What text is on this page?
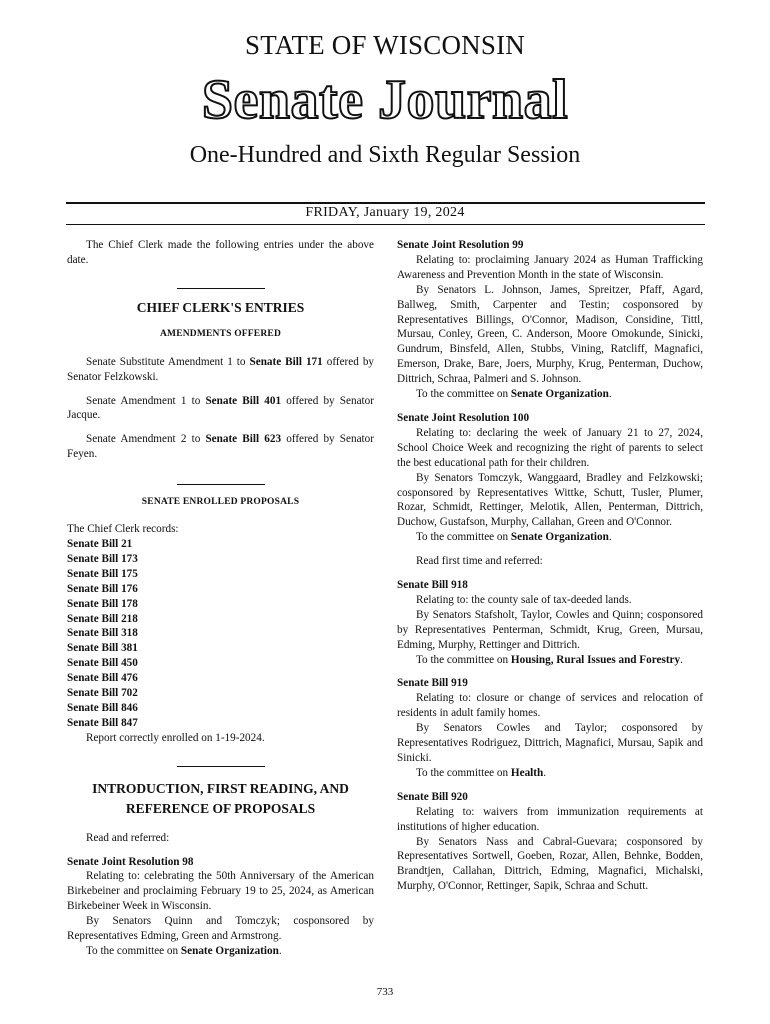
STATE OF WISCONSIN
Senate Journal
One-Hundred and Sixth Regular Session
FRIDAY, January 19, 2024

The Chief Clerk made the following entries under the above date.

CHIEF CLERK'S ENTRIES
AMENDMENTS OFFERED

Senate Substitute Amendment 1 to Senate Bill 171 offered by Senator Felzkowski.

Senate Amendment 1 to Senate Bill 401 offered by Senator Jacque.

Senate Amendment 2 to Senate Bill 623 offered by Senator Feyen.

SENATE ENROLLED PROPOSALS

The Chief Clerk records:

Senate Bill 21

Senate Bill 173

Senate Bill 175

Senate Bill 176

Senate Bill 178

Senate Bill 218

Senate Bill 318

Senate Bill 381

Senate Bill 450

Senate Bill 476

Senate Bill 702

Senate Bill 846

Senate Bill 847

Report correctly enrolled on 1-19-2024.

INTRODUCTION, FIRST READING, AND
REFERENCE OF PROPOSALS

Read and referred:

Senate Joint Resolution 98

Relating to: celebrating the 50th Anniversary of the American Birkebeiner and proclaiming February 19 to 25, 2024, as American Birkebeiner Week in Wisconsin.

By Senators Quinn and Tomczyk; cosponsored by Representatives Edming, Green and Armstrong.

To the committee on Senate Organization.

Senate Joint Resolution 99

Relating to: proclaiming January 2024 as Human Trafficking Awareness and Prevention Month in the state of Wisconsin.

By Senators L. Johnson, James, Spreitzer, Pfaff, Agard, Ballweg, Smith, Carpenter and Testin; cosponsored by Representatives Billings, O'Connor, Madison, Considine, Tittl, Mursau, Conley, Green, C. Anderson, Moore Omokunde, Sinicki, Gundrum, Binsfeld, Allen, Stubbs, Vining, Ratcliff, Magnafici, Emerson, Drake, Bare, Joers, Murphy, Krug, Penterman, Duchow, Dittrich, Schraa, Palmeri and S. Johnson.

To the committee on Senate Organization.

Senate Joint Resolution 100

Relating to: declaring the week of January 21 to 27, 2024, School Choice Week and recognizing the right of parents to select the best educational path for their children.

By Senators Tomczyk, Wanggaard, Bradley and Felzkowski; cosponsored by Representatives Wittke, Schutt, Tusler, Plumer, Rozar, Schmidt, Rettinger, Melotik, Allen, Penterman, Dittrich, Duchow, Gustafson, Murphy, Callahan, Green and O'Connor.

To the committee on Senate Organization.

Read first time and referred:

Senate Bill 918

Relating to: the county sale of tax-deeded lands.

By Senators Stafsholt, Taylor, Cowles and Quinn; cosponsored by Representatives Penterman, Schmidt, Krug, Green, Mursau, Edming, Murphy, Rettinger and Dittrich.

To the committee on Housing, Rural Issues and Forestry.

Senate Bill 919

Relating to: closure or change of services and relocation of residents in adult family homes.

By Senators Cowles and Taylor; cosponsored by Representatives Rodriguez, Dittrich, Magnafici, Mursau, Sapik and Sinicki.

To the committee on Health.

Senate Bill 920

Relating to: waivers from immunization requirements at institutions of higher education.

By Senators Nass and Cabral-Guevara; cosponsored by Representatives Sortwell, Goeben, Rozar, Allen, Behnke, Bodden, Brandtjen, Callahan, Dittrich, Edming, Magnafici, Michalski, Murphy, O'Connor, Rettinger, Sapik, Schraa and Schutt.

733
